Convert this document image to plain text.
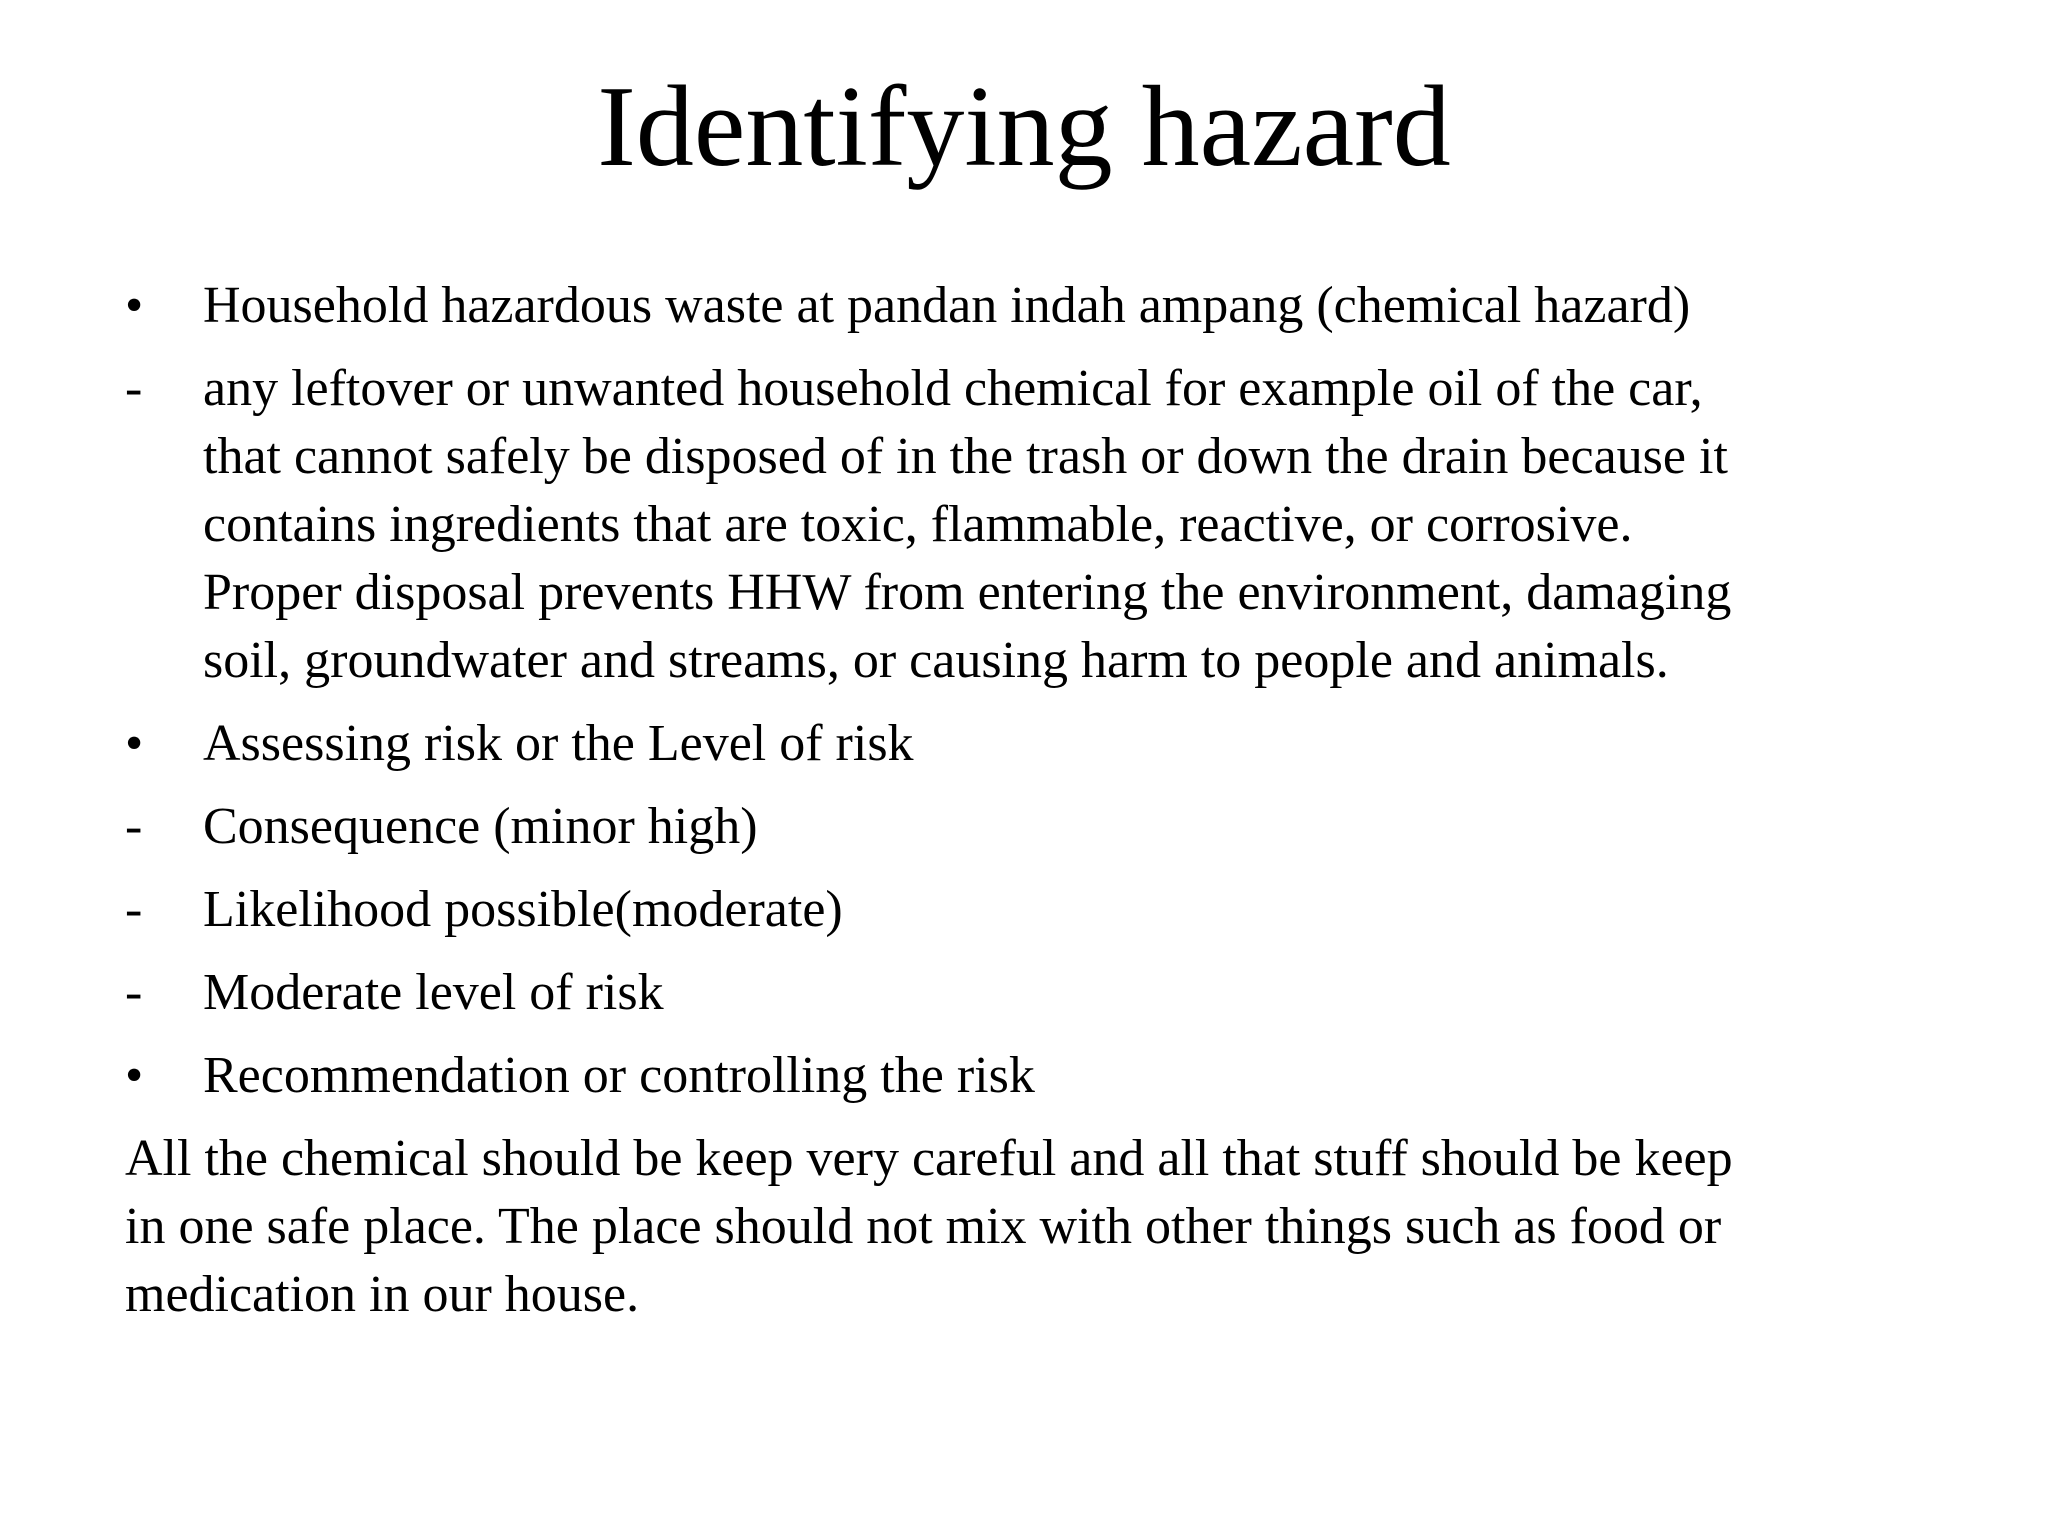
Identifying hazard
•	Household hazardous waste at pandan indah ampang (chemical hazard)
-	any leftover or unwanted household chemical for example oil of the car,
that cannot safely be disposed of in the trash or down the drain because it
contains ingredients that are toxic, flammable, reactive, or corrosive.
Proper disposal prevents HHW from entering the environment, damaging
soil, groundwater and streams, or causing harm to people and animals.
•	Assessing risk or the Level of risk
-	Consequence (minor high)
-	Likelihood possible(moderate)
-	Moderate level of risk
•	Recommendation or controlling the risk
All the chemical should be keep very careful and all that stuff should be keep
in one safe place. The place should not mix with other things such as food or
medication in our house.
